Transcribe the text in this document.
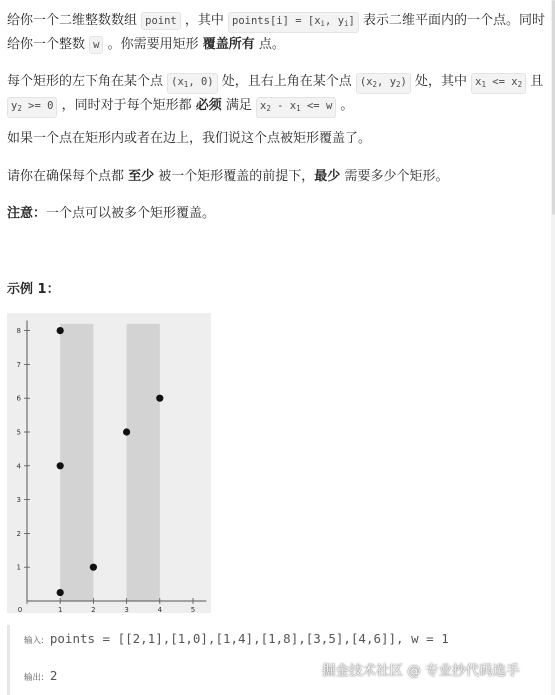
给你一个二维整数数组 point ，其中 points[i] = [$x_i$, $y_i$] 表示二维平面内的一个点。同时给你一个整数 w 。你需要用矩形 覆盖所有 点。

每个矩形的左下角在某个点 ($x_1$, 0) 处，且右上角在某个点 ($x_2$, $y_2$) 处，其中 $x_1 <= x_2$ 且 $y_2 >= 0$ ，同时对于每个矩形都 必须 满足 $x_2 - x_1 <= w$ 。

如果一个点在矩形内或者在边上，我们说这个点被矩形覆盖了。

请你在确保每个点都 至少 被一个矩形覆盖的前提下，最少 需要多少个矩形。

注意：一个点可以被多个矩形覆盖。

示例 1：
0	1	2	3	4	5
1
2
3
4
5
6
7
8
输入: points = [[2,1],[1,0],[1,4],[1,8],[3,5],[4,6]], w = 1
输出: 2	掘金技术社区 @ 专业抄代码选手
